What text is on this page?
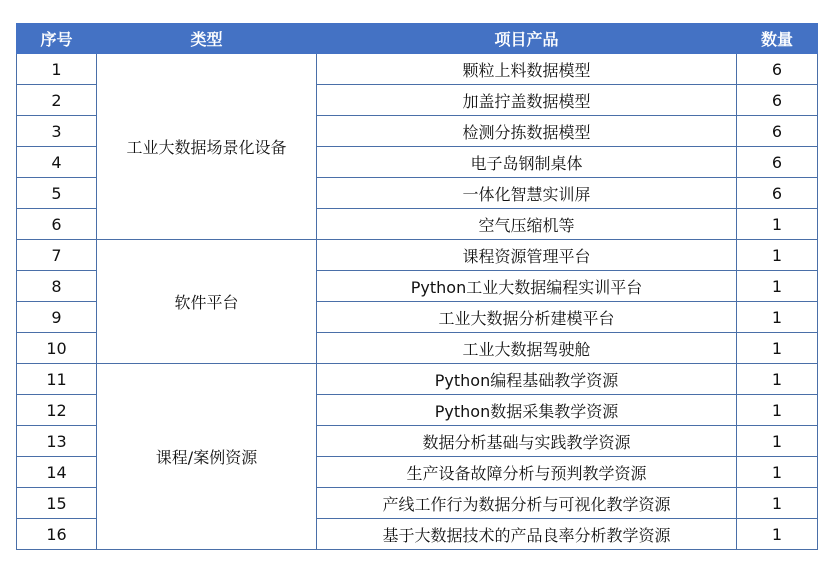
序号	类型	项目产品	数量
1	工业大数据场景化设备	颗粒上料数据模型	6
2		加盖拧盖数据模型	6
3		检测分拣数据模型	6
4		电子岛钢制桌体	6
5		一体化智慧实训屏	6
6		空气压缩机等	1
7	软件平台	课程资源管理平台	1
8		Python工业大数据编程实训平台	1
9		工业大数据分析建模平台	1
10		工业大数据驾驶舱	1
11	课程/案例资源	Python编程基础教学资源	1
12		Python数据采集教学资源	1
13		数据分析基础与实践教学资源	1
14		生产设备故障分析与预判教学资源	1
15		产线工作行为数据分析与可视化教学资源	1
16		基于大数据技术的产品良率分析教学资源	1
